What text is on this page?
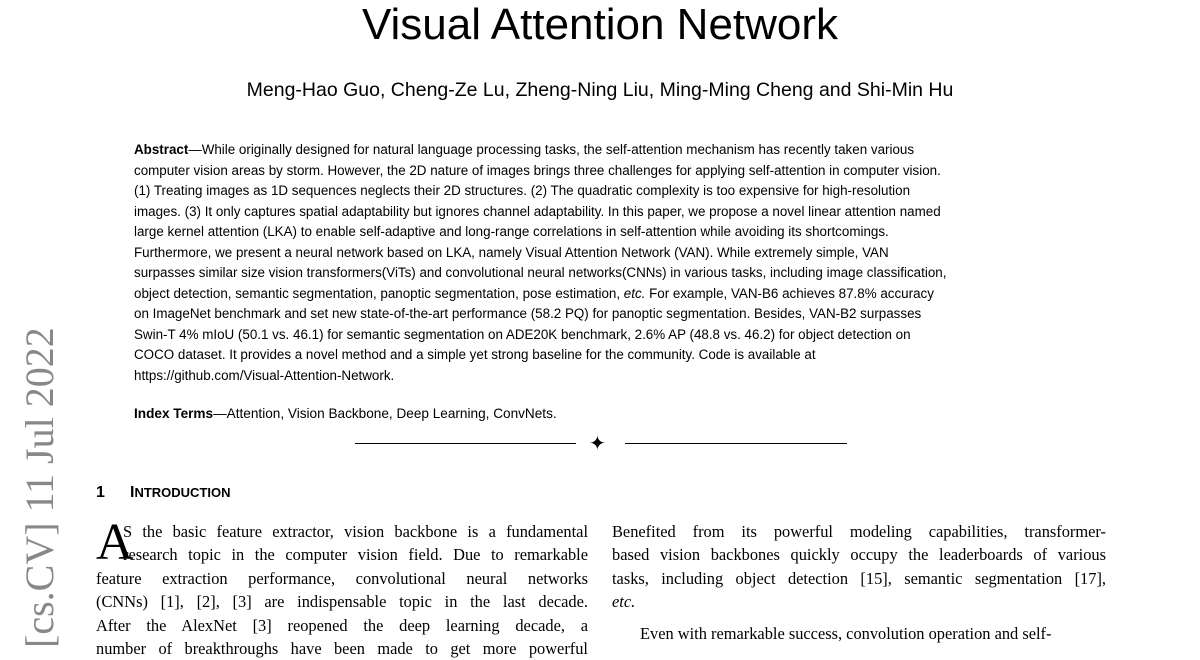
Visual Attention Network
Meng-Hao Guo, Cheng-Ze Lu, Zheng-Ning Liu, Ming-Ming Cheng and Shi-Min Hu

Abstract—While originally designed for natural language processing tasks, the self-attention mechanism has recently taken various
computer vision areas by storm. However, the 2D nature of images brings three challenges for applying self-attention in computer vision.
(1) Treating images as 1D sequences neglects their 2D structures. (2) The quadratic complexity is too expensive for high-resolution
images. (3) It only captures spatial adaptability but ignores channel adaptability. In this paper, we propose a novel linear attention named
large kernel attention (LKA) to enable self-adaptive and long-range correlations in self-attention while avoiding its shortcomings.
Furthermore, we present a neural network based on LKA, namely Visual Attention Network (VAN). While extremely simple, VAN
surpasses similar size vision transformers(ViTs) and convolutional neural networks(CNNs) in various tasks, including image classification,
object detection, semantic segmentation, panoptic segmentation, pose estimation, etc. For example, VAN-B6 achieves 87.8% accuracy
on ImageNet benchmark and set new state-of-the-art performance (58.2 PQ) for panoptic segmentation. Besides, VAN-B2 surpasses
Swin-T 4% mIoU (50.1 vs. 46.1) for semantic segmentation on ADE20K benchmark, 2.6% AP (48.8 vs. 46.2) for object detection on
COCO dataset. It provides a novel method and a simple yet strong baseline for the community. Code is available at
https://github.com/Visual-Attention-Network.

Index Terms—Attention, Vision Backbone, Deep Learning, ConvNets.
✦
1 INTRODUCTION
A
S the basic feature extractor, vision backbone is a fundamental
research topic in the computer vision field. Due to remarkable
feature extraction performance, convolutional neural networks
(CNNs) [1], [2], [3] are indispensable topic in the last decade.
After the AlexNet [3] reopened the deep learning decade, a
number of breakthroughs have been made to get more powerful
Benefited from its powerful modeling capabilities, transformer-
based vision backbones quickly occupy the leaderboards of various
tasks, including object detection [15], semantic segmentation [17],
etc.
Even with remarkable success, convolution operation and self-
[cs.CV] 11 Jul 2022
